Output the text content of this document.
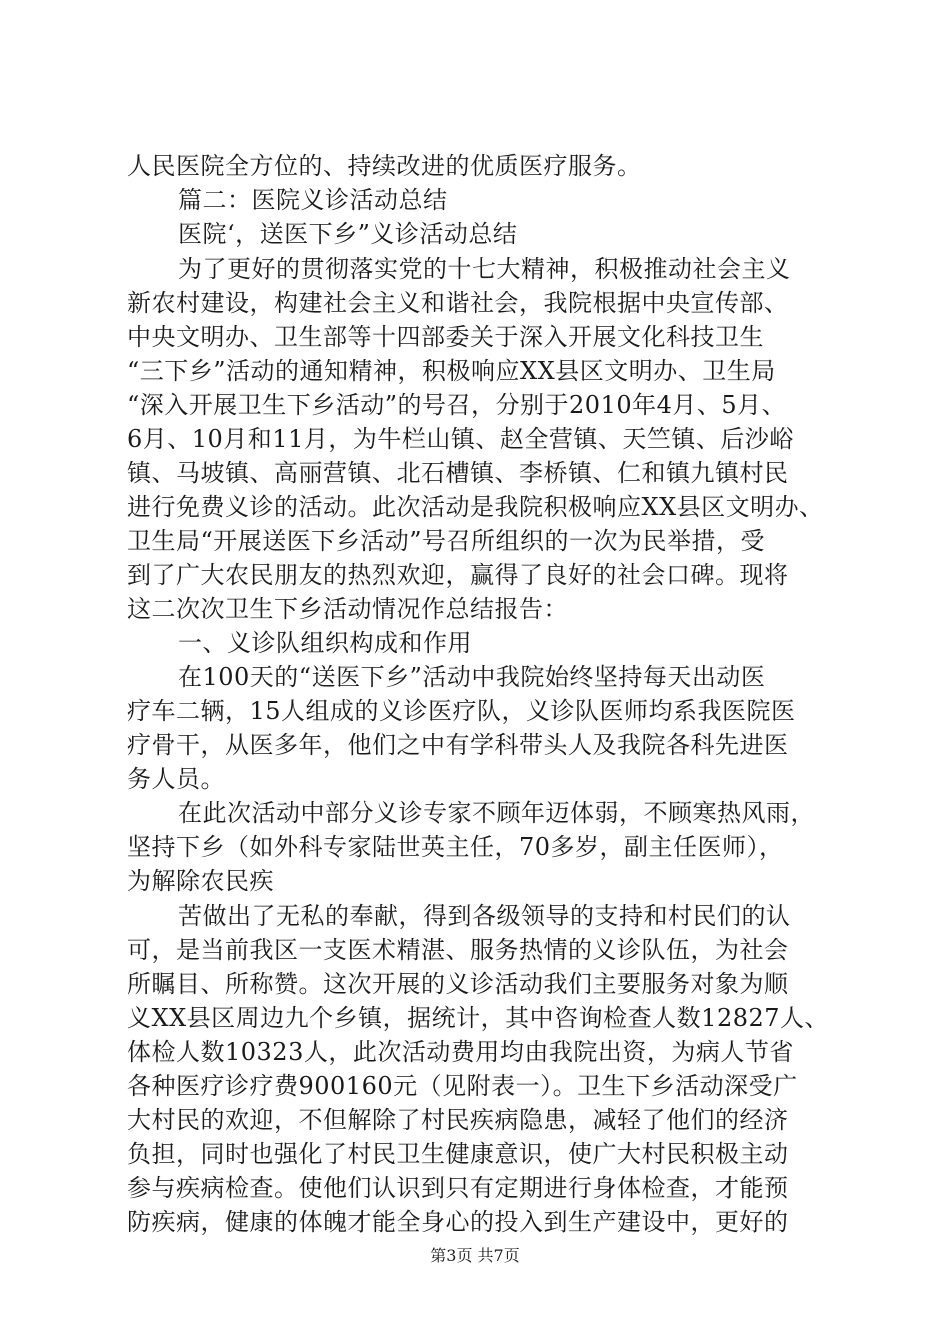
人民医院全方位的、持续改进的优质医疗服务。
篇二：医院义诊活动总结
医院‘，送医下乡”义诊活动总结
为了更好的贯彻落实党的十七大精神，积极推动社会主义
新农村建设，构建社会主义和谐社会，我院根据中央宣传部、
中央文明办、卫生部等十四部委关于深入开展文化科技卫生
“三下乡”活动的通知精神，积极响应XX县区文明办、卫生局
“深入开展卫生下乡活动”的号召，分别于2010年4月、5月、
6月、10月和11月，为牛栏山镇、赵全营镇、天竺镇、后沙峪
镇、马坡镇、高丽营镇、北石槽镇、李桥镇、仁和镇九镇村民
进行免费义诊的活动。此次活动是我院积极响应XX县区文明办、
卫生局“开展送医下乡活动”号召所组织的一次为民举措，受
到了广大农民朋友的热烈欢迎，赢得了良好的社会口碑。现将
这二次次卫生下乡活动情况作总结报告：
一、义诊队组织构成和作用
在100天的“送医下乡”活动中我院始终坚持每天出动医
疗车二辆，15人组成的义诊医疗队，义诊队医师均系我医院医
疗骨干，从医多年，他们之中有学科带头人及我院各科先进医
务人员。
在此次活动中部分义诊专家不顾年迈体弱，不顾寒热风雨，
坚持下乡（如外科专家陆世英主任，70多岁，副主任医师），
为解除农民疾
苦做出了无私的奉献，得到各级领导的支持和村民们的认
可，是当前我区一支医术精湛、服务热情的义诊队伍，为社会
所瞩目、所称赞。这次开展的义诊活动我们主要服务对象为顺
义XX县区周边九个乡镇，据统计，其中咨询检查人数12827人、
体检人数10323人，此次活动费用均由我院出资，为病人节省
各种医疗诊疗费900160元（见附表一）。卫生下乡活动深受广
大村民的欢迎，不但解除了村民疾病隐患，减轻了他们的经济
负担，同时也强化了村民卫生健康意识，使广大村民积极主动
参与疾病检查。使他们认识到只有定期进行身体检查，才能预
防疾病，健康的体魄才能全身心的投入到生产建设中，更好的
第3页 共7页
